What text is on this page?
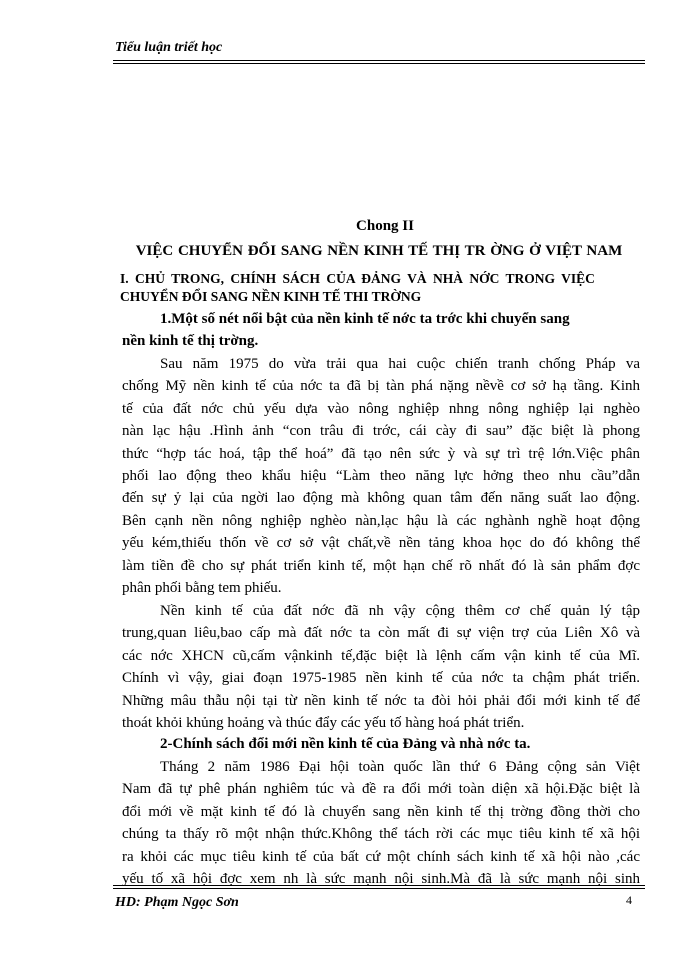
Tiểu luận triết học
Chong II
VIỆC CHUYỂN ĐỔI SANG NỀN KINH TẾ THỊ TR ỜNG Ở VIỆT NAM
I. CHỦ TRONG, CHÍNH SÁCH CỦA ĐẢNG VÀ NHÀ NỚC TRONG VIỆC
CHUYỂN ĐỔI SANG NỀN KINH TẾ THI TRỜNG
1.Một số nét nổi bật của nền kinh tế nớc ta trớc khi chuyển sang
nền kinh tế thị trờng.
Sau năm 1975 do vừa trải qua hai cuộc chiến tranh chống Pháp va
chống Mỹ nền kinh tế của nớc ta đã bị tàn phá nặng nềvề cơ sở hạ tầng. Kinh
tế của đất nớc chủ yếu dựa vào nông nghiệp nhng nông nghiệp lại nghèo
nàn lạc hậu .Hình ảnh “con trâu đi trớc, cái cày đi sau” đặc biệt là phong
thức “hợp tác hoá, tập thể hoá” đã tạo nên sức ỳ và sự trì trệ lớn.Việc phân
phối lao động theo khẩu hiệu “Làm theo năng lực hởng theo nhu cầu”dẫn
đến sự ỷ lại của ngời lao động mà không quan tâm đến năng suất lao động.
Bên cạnh nền nông nghiệp nghèo nàn,lạc hậu là các nghành nghề hoạt động
yếu kém,thiếu thốn về cơ sở vật chất,về nền tảng khoa học do đó không thể
làm tiền đề cho sự phát triển kinh tế, một hạn chế rõ nhất đó là sản phẩm đợc
phân phối bằng tem phiếu.
Nền kinh tế của đất nớc đã nh vậy cộng thêm cơ chế quản lý tập
trung,quan liêu,bao cấp mà đất nớc ta còn mất đi sự viện trợ của Liên Xô và
các nớc XHCN cũ,cấm vậnkinh tế,đặc biệt là lệnh cấm vận kinh tế của Mĩ.
Chính vì vậy, giai đoạn 1975-1985 nền kinh tế của nớc ta chậm phát triển.
Những mâu thẫu nội tại từ nền kinh tế nớc ta đòi hỏi phải đổi mới kinh tế để
thoát khỏi khủng hoảng và thúc đẩy các yếu tố hàng hoá phát triển.
2-Chính sách đổi mới nền kinh tế của Đảng và nhà nớc ta.
Tháng 2 năm 1986 Đại hội toàn quốc lần thứ 6 Đảng cộng sản Việt
Nam đã tự phê phán nghiêm túc và đề ra đổi mới toàn diện xã hội.Đặc biệt là
đổi mới về mặt kinh tế đó là chuyển sang nền kinh tế thị trờng đồng thời cho
chúng ta thấy rõ một nhận thức.Không thể tách rời các mục tiêu kinh tế xã hội
ra khỏi các mục tiêu kinh tế của bất cứ một chính sách kinh tế xã hội nào ,các
yếu tố xã hội đợc xem nh là sức mạnh nội sinh.Mà đã là sức mạnh nội sinh
HD: Phạm Ngọc Sơn	4
